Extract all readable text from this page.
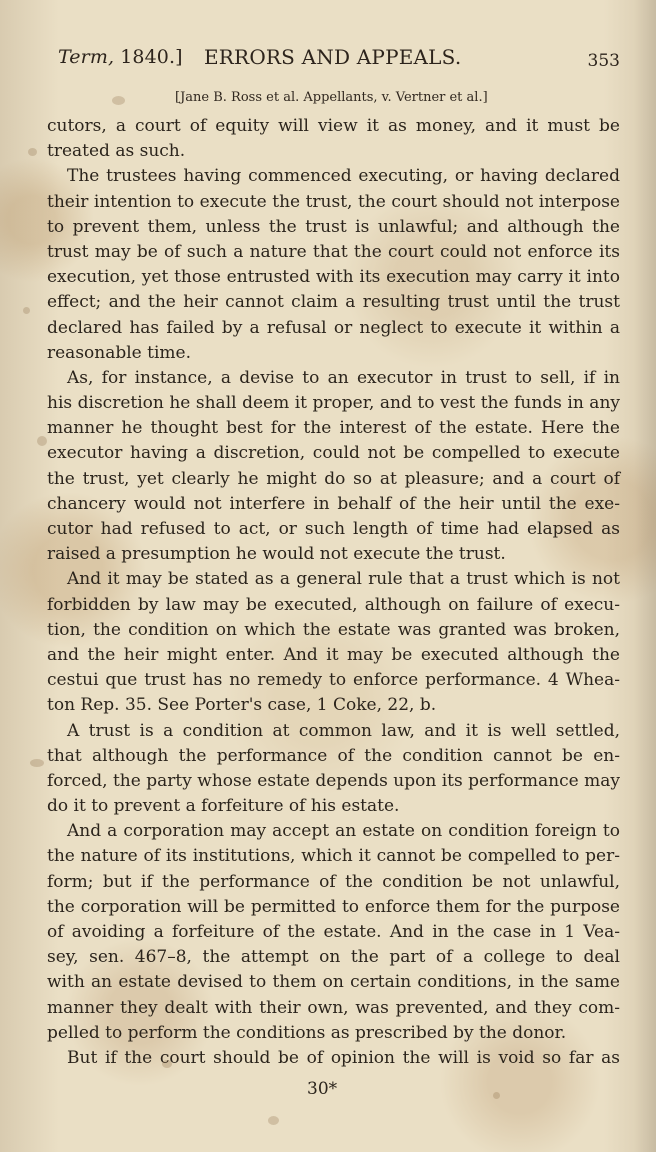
Term, 1840.] ERRORS AND APPEALS.	353
[Jane B. Ross et al. Appellants, v. Vertner et al.]
cutors, a court of equity will view it as money, and it must be
treated as such.
The trustees having commenced executing, or having declared
their intention to execute the trust, the court should not interpose
to prevent them, unless the trust is unlawful; and although the
trust may be of such a nature that the court could not enforce its
execution, yet those entrusted with its execution may carry it into
effect; and the heir cannot claim a resulting trust until the trust
declared has failed by a refusal or neglect to execute it within a
reasonable time.
As, for instance, a devise to an executor in trust to sell, if in
his discretion he shall deem it proper, and to vest the funds in any
manner he thought best for the interest of the estate. Here the
executor having a discretion, could not be compelled to execute
the trust, yet clearly he might do so at pleasure; and a court of
chancery would not interfere in behalf of the heir until the exe-
cutor had refused to act, or such length of time had elapsed as
raised a presumption he would not execute the trust.
And it may be stated as a general rule that a trust which is not
forbidden by law may be executed, although on failure of execu-
tion, the condition on which the estate was granted was broken,
and the heir might enter. And it may be executed although the
cestui que trust has no remedy to enforce performance. 4 Whea-
ton Rep. 35. See Porter's case, 1 Coke, 22, b.
A trust is a condition at common law, and it is well settled,
that although the performance of the condition cannot be en-
forced, the party whose estate depends upon its performance may
do it to prevent a forfeiture of his estate.
And a corporation may accept an estate on condition foreign to
the nature of its institutions, which it cannot be compelled to per-
form; but if the performance of the condition be not unlawful,
the corporation will be permitted to enforce them for the purpose
of avoiding a forfeiture of the estate. And in the case in 1 Vea-
sey, sen. 467–8, the attempt on the part of a college to deal
with an estate devised to them on certain conditions, in the same
manner they dealt with their own, was prevented, and they com-
pelled to perform the conditions as prescribed by the donor.
But if the court should be of opinion the will is void so far as
30*
